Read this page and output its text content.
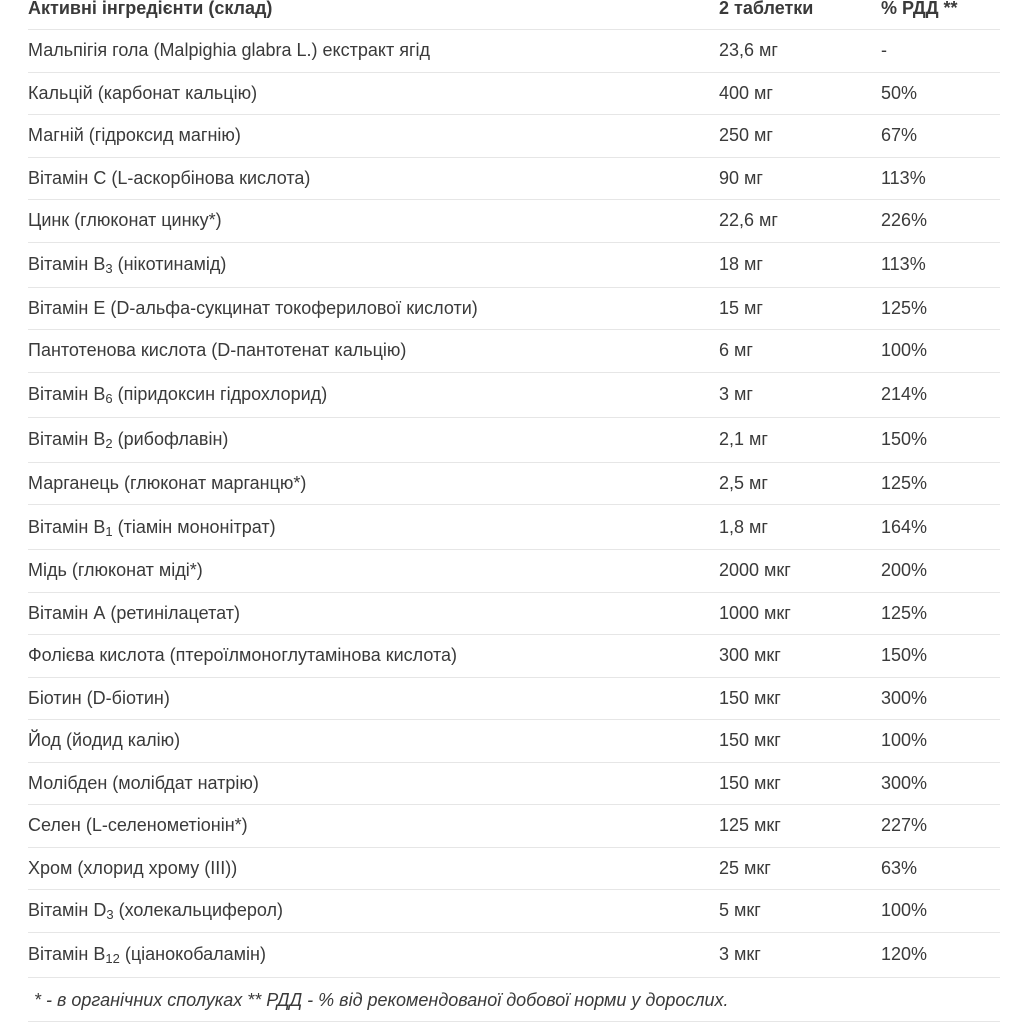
Активні інгредієнти (склад)	2 таблетки	% РДД **
Мальпігія гола (Malpighia glabra L.) екстракт ягід	23,6 мг	-
Кальцій (карбонат кальцію)	400 мг	50%
Магній (гідроксид магнію)	250 мг	67%
Вітамін С (L-аскорбінова кислота)	90 мг	113%
Цинк (глюконат цинку*)	22,6 мг	226%
Вітамін $В_3$ (нікотинамід)	18 мг	113%
Вітамін Е (D-альфа-сукцинат токоферилової кислоти)	15 мг	125%
Пантотенова кислота (D-пантотенат кальцію)	6 мг	100%
Вітамін $В_6$ (піридоксин гідрохлорид)	3 мг	214%
Вітамін $В_2$ (рибофлавін)	2,1 мг	150%
Марганець (глюконат марганцю*)	2,5 мг	125%
Вітамін $В_1$ (тіамін мононітрат)	1,8 мг	164%
Мідь (глюконат міді*)	2000 мкг	200%
Вітамін А (ретинілацетат)	1000 мкг	125%
Фолієва кислота (птероїлмоноглутамінова кислота)	300 мкг	150%
Біотин (D-біотин)	150 мкг	300%
Йод (йодид калію)	150 мкг	100%
Молібден (молібдат натрію)	150 мкг	300%
Селен (L-селенометіонін*)	125 мкг	227%
Хром (хлорид хрому (III))	25 мкг	63%
Вітамін $D_3$ (холекальциферол)	5 мкг	100%
Вітамін $В_{12}$ (ціанокобаламін)	3 мкг	120%
* - в органічних сполуках ** РДД - % від рекомендованої добової норми у дорослих.
